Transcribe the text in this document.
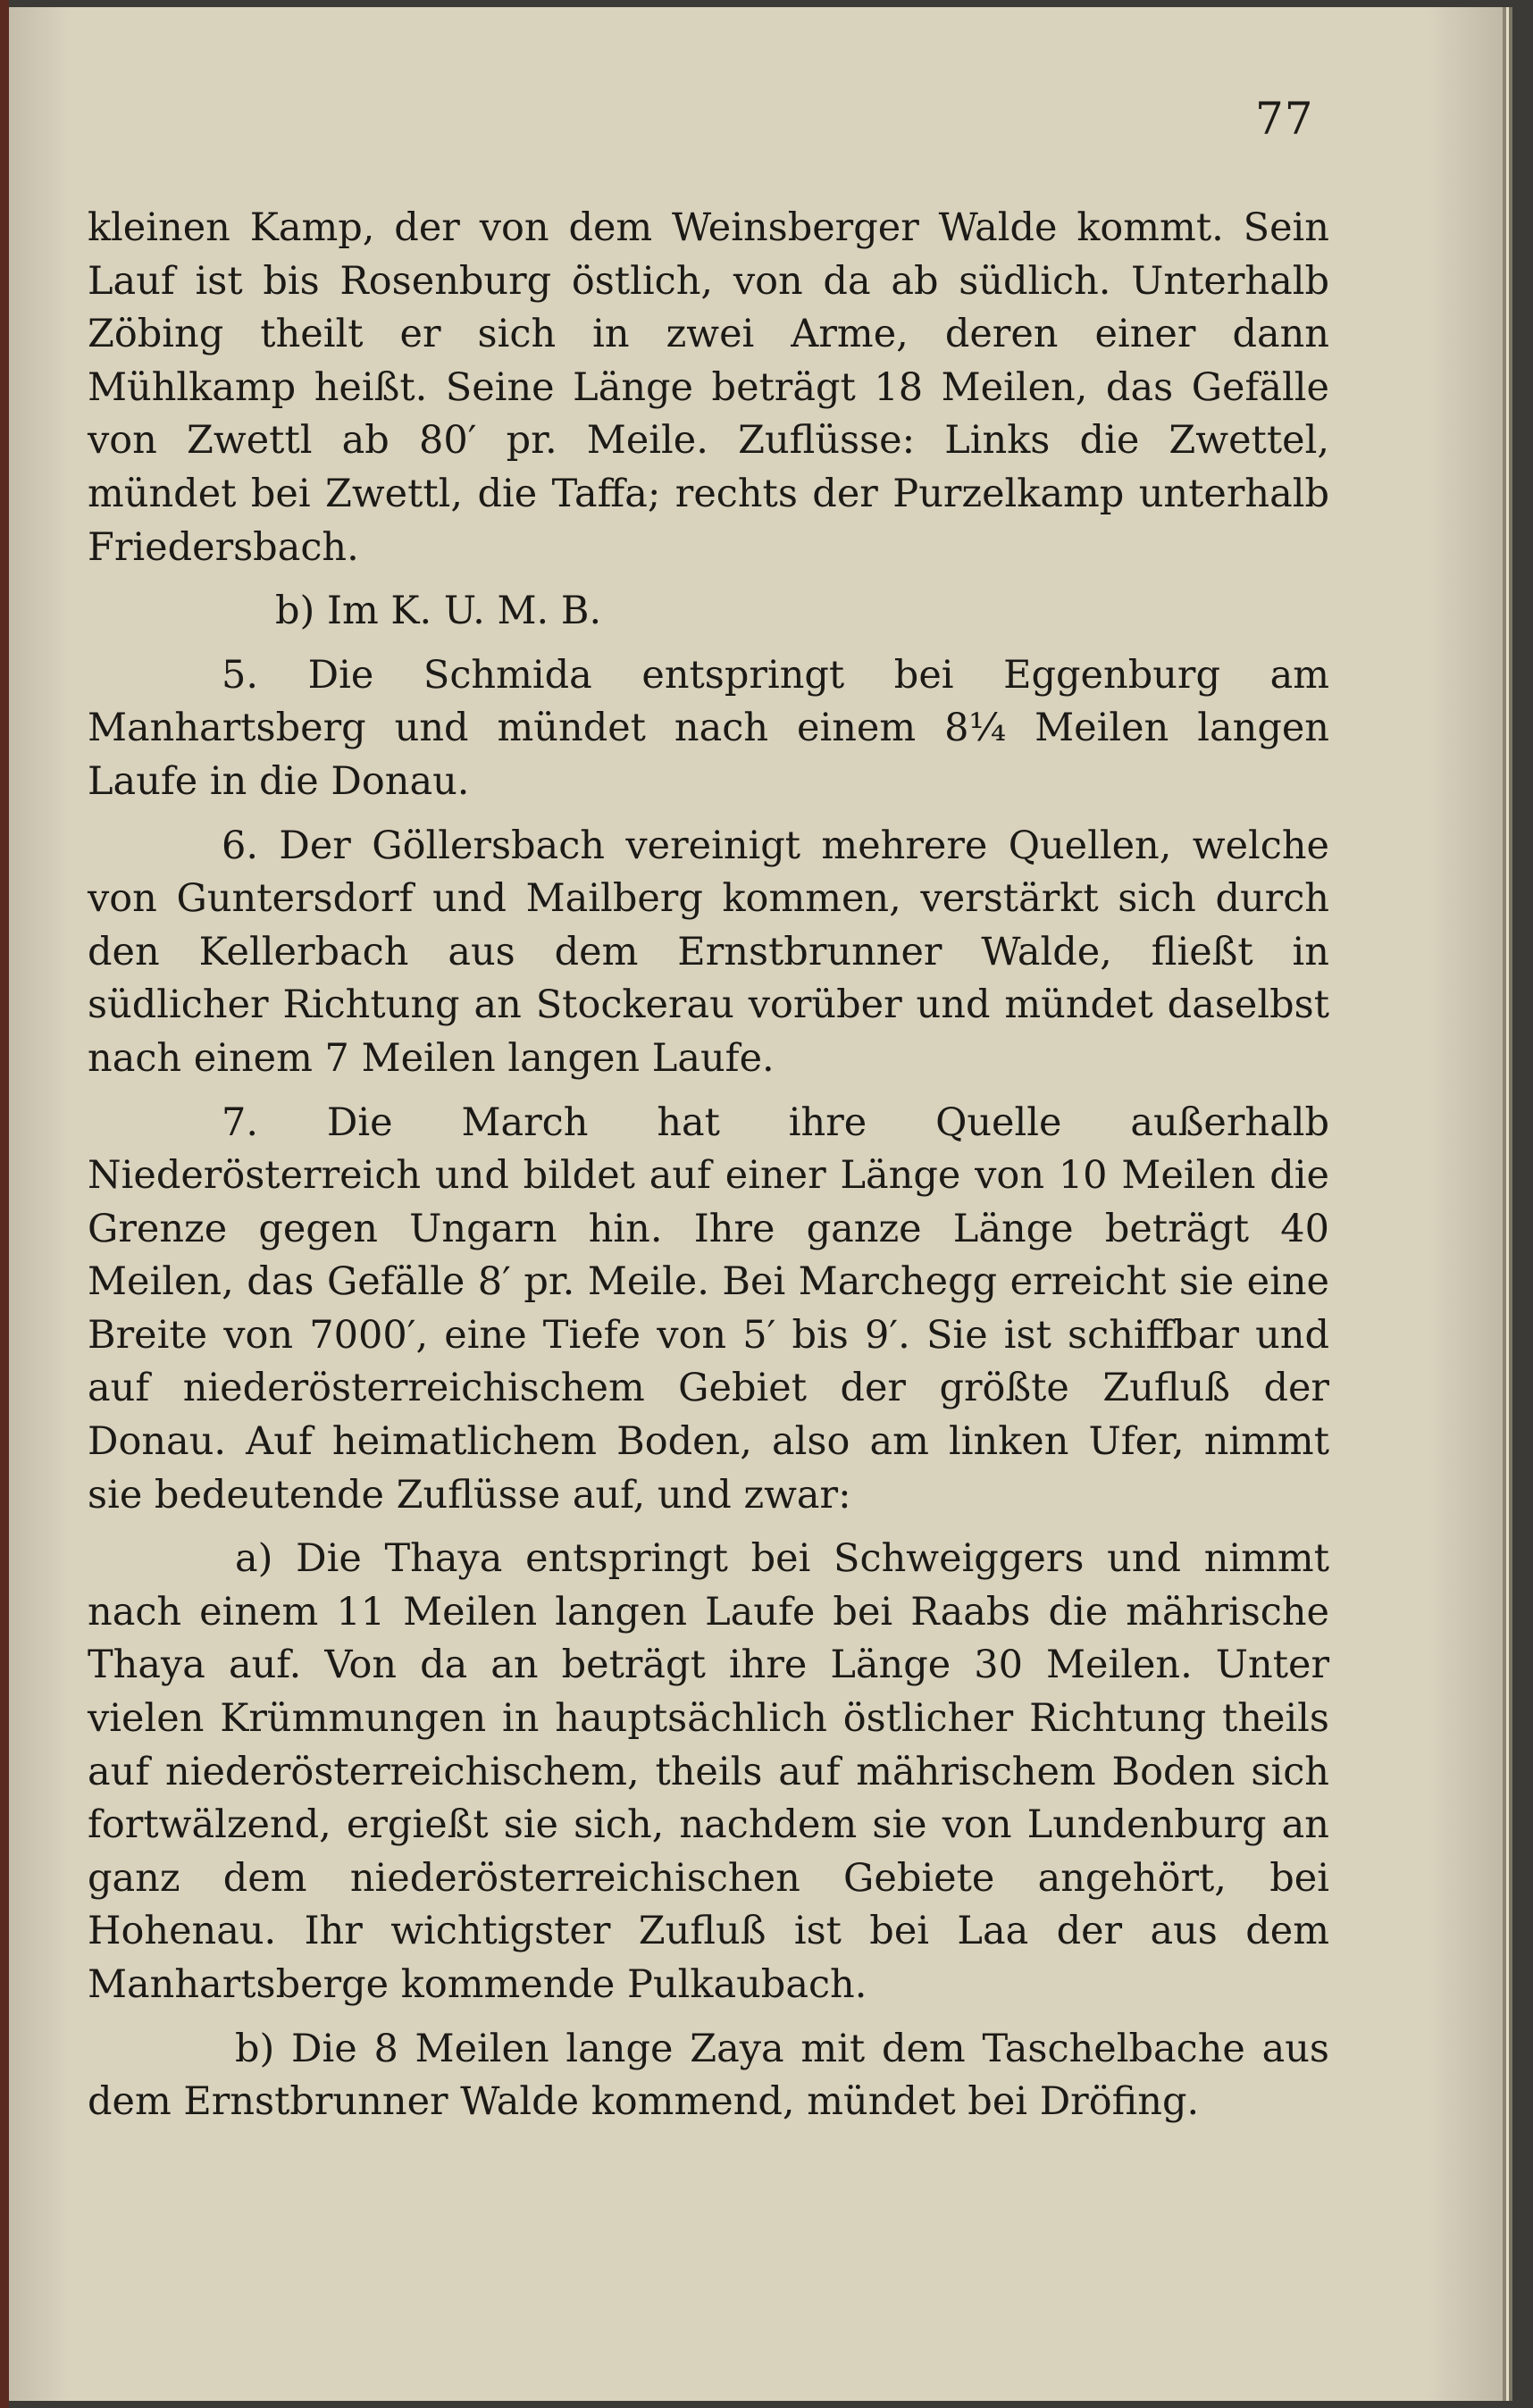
77

kleinen Kamp, der von dem Weinsberger Walde kommt. Sein Lauf ist bis Rosenburg östlich, von da ab südlich. Unterhalb Zöbing theilt er sich in zwei Arme, deren einer dann Mühlkamp heißt. Seine Länge beträgt 18 Meilen, das Gefälle von Zwettl ab 80′ pr. Meile. Zuflüsse: Links die Zwettel, mündet bei Zwettl, die Taffa; rechts der Purzelkamp unterhalb Friedersbach.

b) Im K. U. M. B.

5. Die Schmida entspringt bei Eggenburg am Manhartsberg und mündet nach einem 8¼ Meilen langen Laufe in die Donau.

6. Der Göllersbach vereinigt mehrere Quellen, welche von Guntersdorf und Mailberg kommen, verstärkt sich durch den Kellerbach aus dem Ernstbrunner Walde, fließt in südlicher Richtung an Stockerau vorüber und mündet daselbst nach einem 7 Meilen langen Laufe.

7. Die March hat ihre Quelle außerhalb Niederösterreich und bildet auf einer Länge von 10 Meilen die Grenze gegen Ungarn hin. Ihre ganze Länge beträgt 40 Meilen, das Gefälle 8′ pr. Meile. Bei Marchegg erreicht sie eine Breite von 7000′, eine Tiefe von 5′ bis 9′. Sie ist schiffbar und auf niederösterreichischem Gebiet der größte Zufluß der Donau. Auf heimatlichem Boden, also am linken Ufer, nimmt sie bedeutende Zuflüsse auf, und zwar:

a) Die Thaya entspringt bei Schweiggers und nimmt nach einem 11 Meilen langen Laufe bei Raabs die mährische Thaya auf. Von da an beträgt ihre Länge 30 Meilen. Unter vielen Krümmungen in hauptsächlich östlicher Richtung theils auf niederösterreichischem, theils auf mährischem Boden sich fortwälzend, ergießt sie sich, nachdem sie von Lundenburg an ganz dem niederösterreichischen Gebiete angehört, bei Hohenau. Ihr wichtigster Zufluß ist bei Laa der aus dem Manhartsberge kommende Pulkaubach.

b) Die 8 Meilen lange Zaya mit dem Taschelbache aus dem Ernstbrunner Walde kommend, mündet bei Dröfing.
